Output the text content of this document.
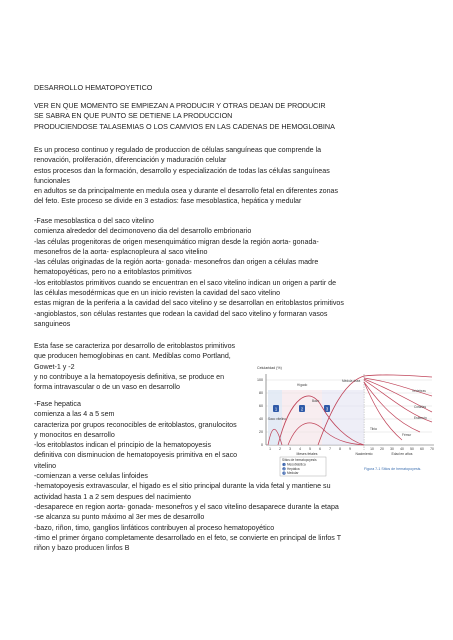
DESARROLLO HEMATOPOYETICO

VER EN QUE MOMENTO SE EMPIEZAN A PRODUCIR Y OTRAS DEJAN DE PRODUCIR

SE SABRA EN QUE PUNTO SE DETIENE LA PRODUCCION

PRODUCIENDOSE TALASEMIAS O LOS CAMVIOS EN LAS CADENAS DE HEMOGLOBINA

Es un proceso continuo y regulado de produccion de células sanguíneas que comprende la

renovación, proliferación, diferenciación y maduración celular

estos procesos dan la formación, desarrollo y especialización de todas las células sanguíneas

funcionales

en adultos se da principalmente en medula osea y durante el desarrollo fetal en diferentes zonas

del feto. Este proceso se divide en 3 estadios: fase mesoblastica, hepática y medular

-Fase mesoblastica o del saco vitelino

comienza alrededor del decimonoveno dia del desarrollo embrionario

-las células progenitoras de origen mesenquimático migran desde la región aorta- gonada-

mesonefros de la aorta- esplacnopleura al saco vitelino

-las células originadas de la región aorta- gonada- mesonefros dan origen a células madre

hematopoyéticas, pero no a eritoblastos primitivos

-los eritoblastos primitivos cuando se encuentran en el saco vitelino indican un origen a partir de

las células mesodérmicas que en un inicio revisten la cavidad del saco vitelino

estas migran de la periferia a la cavidad del saco vitelino y se desarrollan en eritoblastos primitivos

-angioblastos, son células restantes que rodean la cavidad del saco vitelino y formaran vasos

sanguineos

Esta fase se caracteriza por desarrollo de eritoblastos primitivos

que producen hemoglobinas en cant. Mediblas como Portland,

Gowet-1 y -2

y no contribuye a la hematopoyesis definitiva, se produce en

forma intravascular o de un vaso en desarrollo

-Fase hepatica

comienza a las 4 a 5 sem

caracteriza por grupos reconocibles de eritoblastos, granulocitos

y monocitos en desarrollo

-los eritoblastos indican el principio de la hematopoyesis

definitiva con disminucion de hematopoyesis primitiva en el saco

vitelino

-comienzan a verse celulas linfoides

-hematopoyesis extravascular, el higado es el sitio principal durante la vida fetal y mantiene su

actividad hasta 1 a 2 sem despues del nacimiento

-desaparece en region aorta- gonada- mesonefros y el saco vitelino desaparece durante la etapa

-se alcanza su punto máximo al 3er mes de desarrollo

-bazo, riñon, timo, ganglios linfáticos contribuyen al proceso hematopoyético

-timo el primer órgano completamente desarrollado en el feto, se convierte en principal de linfos T

riñon y bazo producen linfos B

Celularidad (%)
100
80
60
40
20
0
1	2	3
Vértebras
Costillas
Esternón
Tibia
Fémur
Bazo
Hígado
Médula ósea
Saco vitelino
1 2 3 4 5 6 7 8 9	10 20 30 40 50 60 70
Meses fetales	Nacimiento	Edad en años
Sitios de hematopoyesis
1 Mesoblástica
2 Hepática
3 Medular
Figura 7-1 Sitios de hematopoyesis.
